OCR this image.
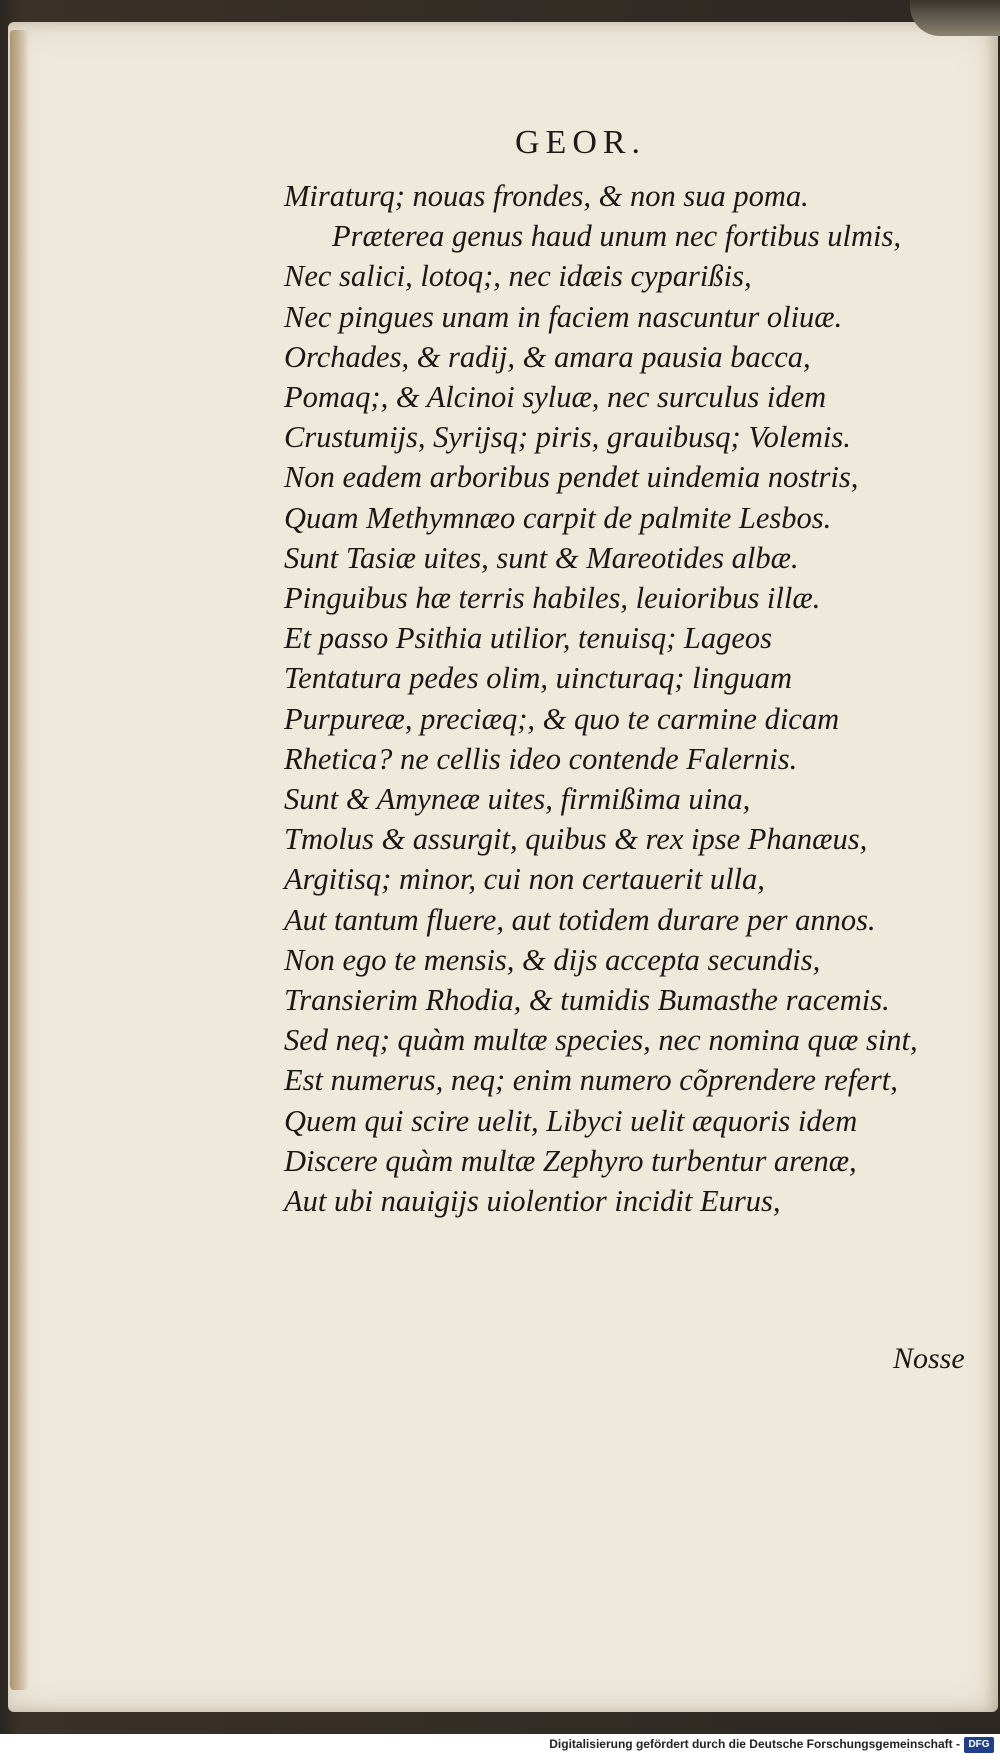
GEOR.
Miraturq; nouas frondes, & non sua poma.
Præterea genus haud unum nec fortibus ulmis,
Nec salici, lotoq;, nec idæis cyparißis,
Nec pingues unam in faciem nascuntur oliuæ.
Orchades, & radij, & amara pausia bacca,
Pomaq;, & Alcinoi syluæ, nec surculus idem
Crustumijs, Syrijsq; piris, grauibusq; Volemis.
Non eadem arboribus pendet uindemia nostris,
Quam Methymnæo carpit de palmite Lesbos.
Sunt Tasiæ uites, sunt & Mareotides albæ.
Pinguibus hæ terris habiles, leuioribus illæ.
Et passo Psithia utilior, tenuisq; Lageos
Tentatura pedes olim, uincturaq; linguam
Purpureæ, preciæq;, & quo te carmine dicam
Rhetica? ne cellis ideo contende Falernis.
Sunt & Amyneæ uites, firmißima uina,
Tmolus & assurgit, quibus & rex ipse Phanæus,
Argitisq; minor, cui non certauerit ulla,
Aut tantum fluere, aut totidem durare per annos.
Non ego te mensis, & dijs accepta secundis,
Transierim Rhodia, & tumidis Bumasthe racemis.
Sed neq; quàm multæ species, nec nomina quæ sint,
Est numerus, neq; enim numero cõprendere refert,
Quem qui scire uelit, Libyci uelit æquoris idem
Discere quàm multæ Zephyro turbentur arenæ,
Aut ubi nauigijs uiolentior incidit Eurus,
Nosse
Digitalisierung gefördert durch die Deutsche Forschungsgemeinschaft - DFG
